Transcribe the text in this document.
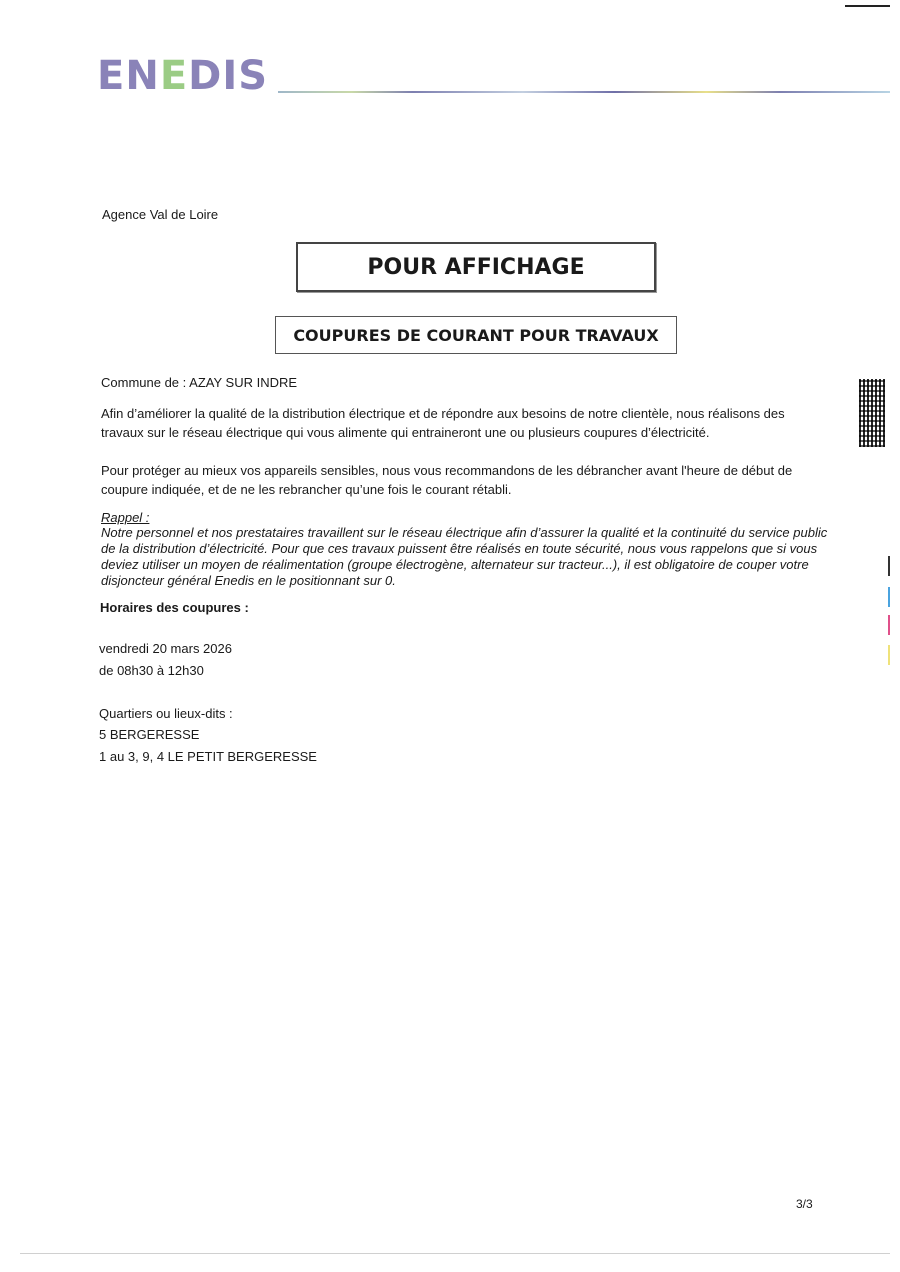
ENEDIS
Agence Val de Loire
POUR AFFICHAGE
COUPURES DE COURANT POUR TRAVAUX
Commune de : AZAY SUR INDRE
Afin d’améliorer la qualité de la distribution électrique et de répondre aux besoins de notre clientèle, nous réalisons des travaux sur le réseau électrique qui vous alimente qui entraineront une ou plusieurs coupures d’électricité.
Pour protéger au mieux vos appareils sensibles, nous vous recommandons de les débrancher avant l'heure de début de coupure indiquée, et de ne les rebrancher qu’une fois le courant rétabli.
Rappel :
Notre personnel et nos prestataires travaillent sur le réseau électrique afin d’assurer la qualité et la continuité du service public de la distribution d’électricité. Pour que ces travaux puissent être réalisés en toute sécurité, nous vous rappelons que si vous deviez utiliser un moyen de réalimentation (groupe électrogène, alternateur sur tracteur...), il est obligatoire de couper votre disjoncteur général Enedis en le positionnant sur 0.
Horaires des coupures :
vendredi 20 mars 2026
de 08h30 à 12h30
Quartiers ou lieux-dits :
5 BERGERESSE
1 au 3, 9, 4 LE PETIT BERGERESSE
3/3
